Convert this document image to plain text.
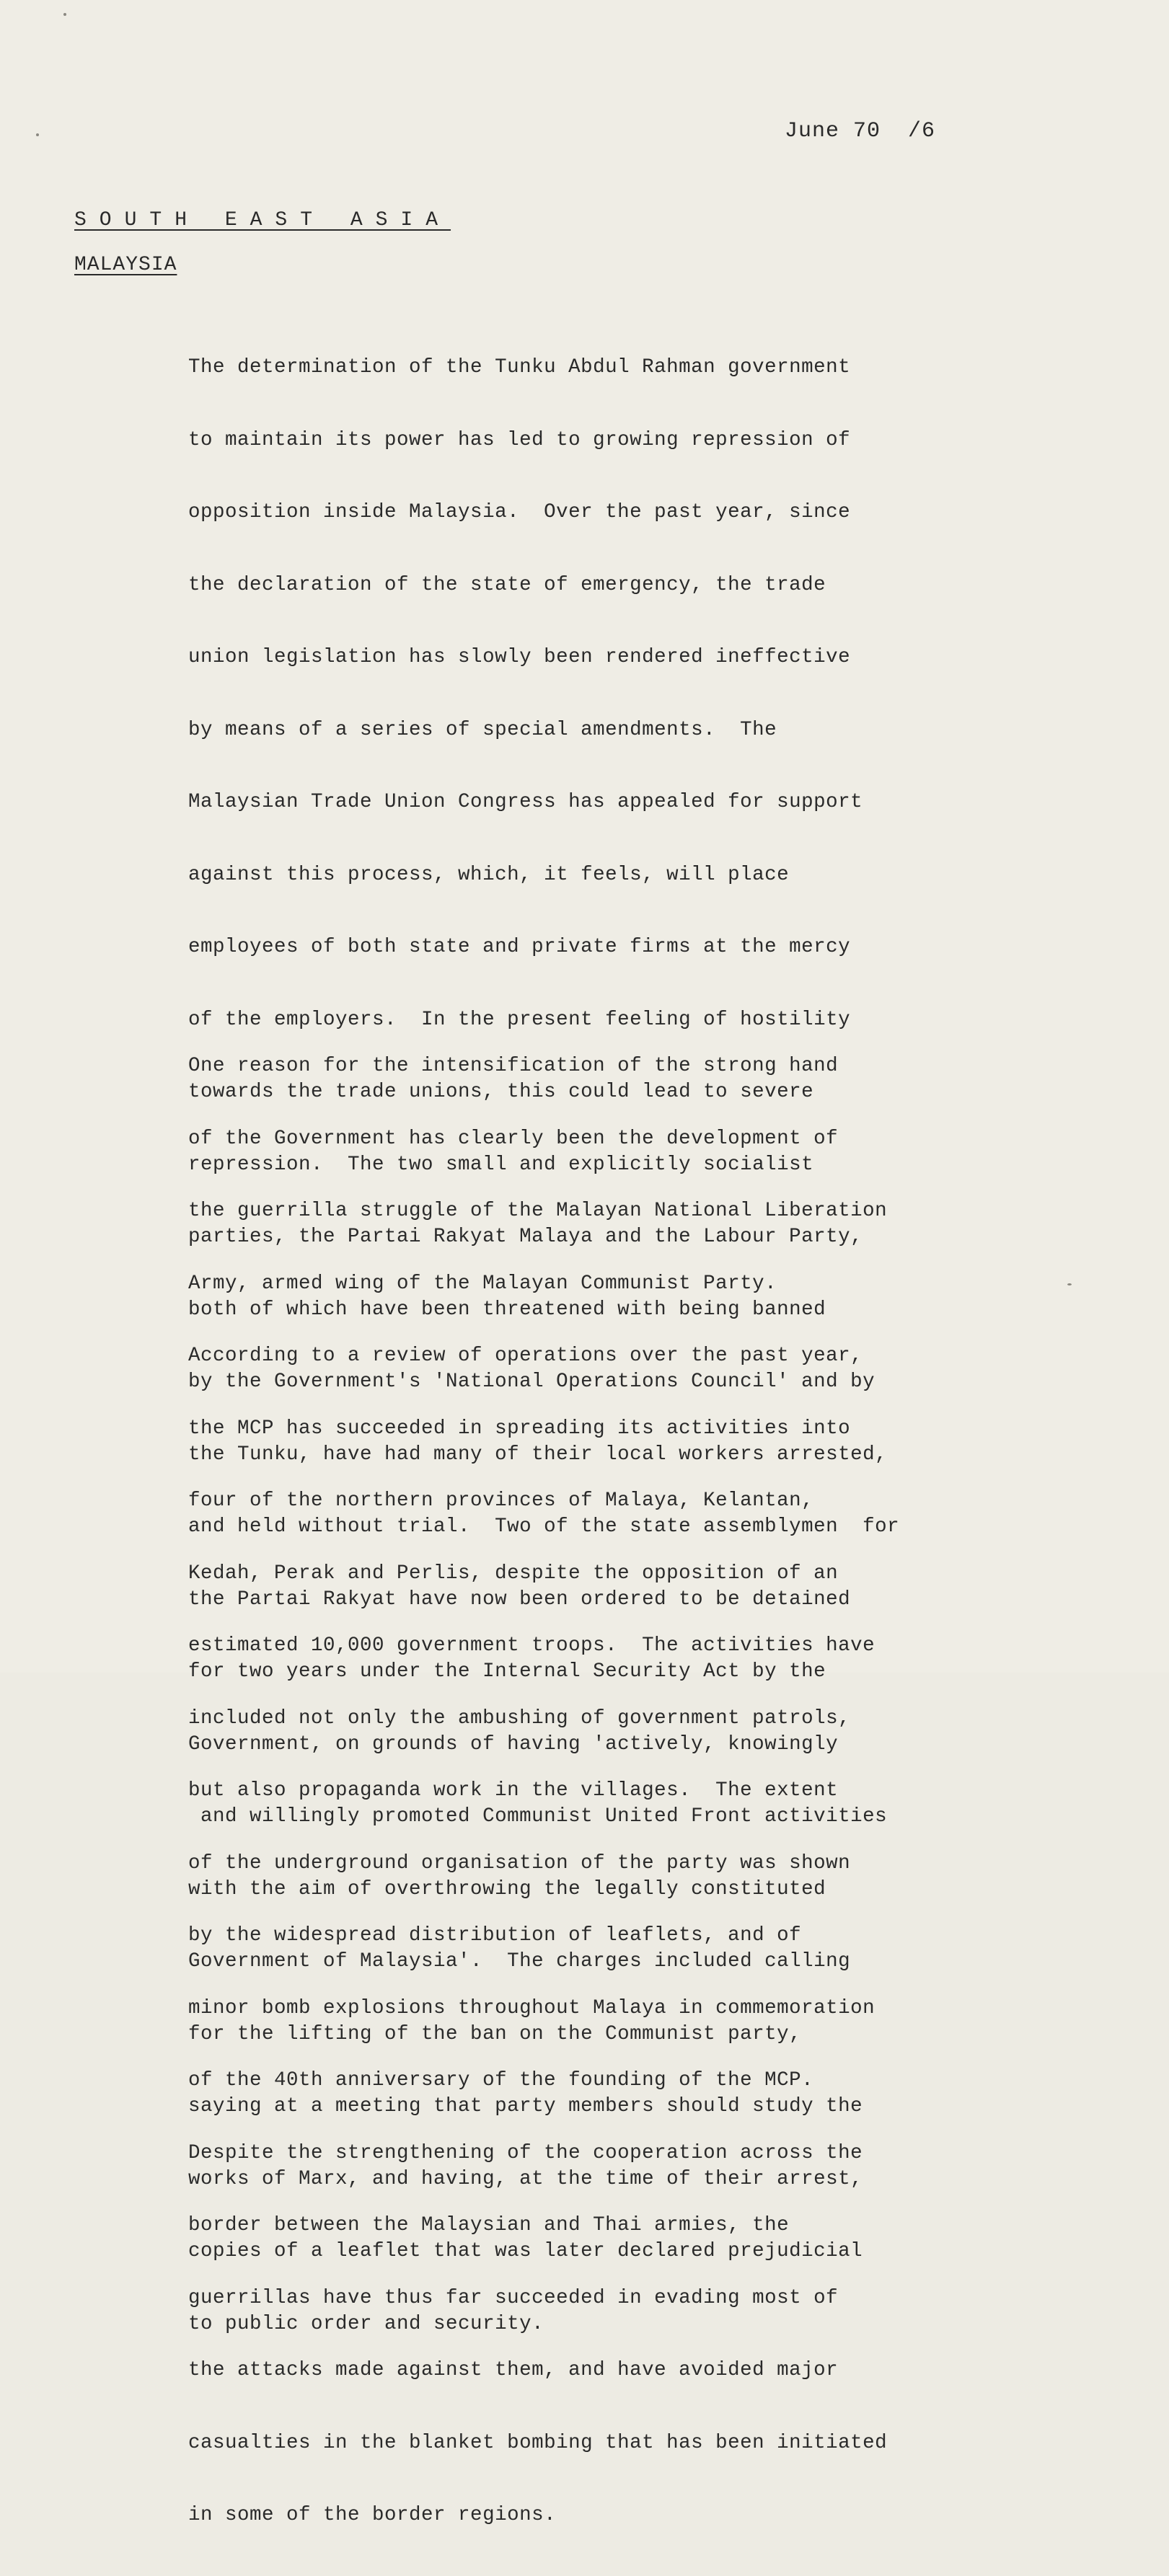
June 70 /6
SOUTH EAST ASIA
MALAYSIA

The determination of the Tunku Abdul Rahman government

to maintain its power has led to growing repression of

opposition inside Malaysia.  Over the past year, since

the declaration of the state of emergency, the trade

union legislation has slowly been rendered ineffective

by means of a series of special amendments.  The

Malaysian Trade Union Congress has appealed for support

against this process, which, it feels, will place

employees of both state and private firms at the mercy

of the employers.  In the present feeling of hostility

towards the trade unions, this could lead to severe

repression.  The two small and explicitly socialist

parties, the Partai Rakyat Malaya and the Labour Party,

both of which have been threatened with being banned

by the Government's 'National Operations Council' and by

the Tunku, have had many of their local workers arrested,

and held without trial.  Two of the state assemblymen  for

the Partai Rakyat have now been ordered to be detained

for two years under the Internal Security Act by the

Government, on grounds of having 'actively, knowingly

and willingly promoted Communist United Front activities

with the aim of overthrowing the legally constituted

Government of Malaysia'.  The charges included calling

for the lifting of the ban on the Communist party,

saying at a meeting that party members should study the

works of Marx, and having, at the time of their arrest,

copies of a leaflet that was later declared prejudicial

to public order and security.

One reason for the intensification of the strong hand

of the Government has clearly been the development of

the guerrilla struggle of the Malayan National Liberation

Army, armed wing of the Malayan Communist Party.

According to a review of operations over the past year,

the MCP has succeeded in spreading its activities into

four of the northern provinces of Malaya, Kelantan,

Kedah, Perak and Perlis, despite the opposition of an

estimated 10,000 government troops.  The activities have

included not only the ambushing of government patrols,

but also propaganda work in the villages.  The extent

of the underground organisation of the party was shown

by the widespread distribution of leaflets, and of

minor bomb explosions throughout Malaya in commemoration

of the 40th anniversary of the founding of the MCP.

Despite the strengthening of the cooperation across the

border between the Malaysian and Thai armies, the

guerrillas have thus far succeeded in evading most of

the attacks made against them, and have avoided major

casualties in the blanket bombing that has been initiated

in some of the border regions.
